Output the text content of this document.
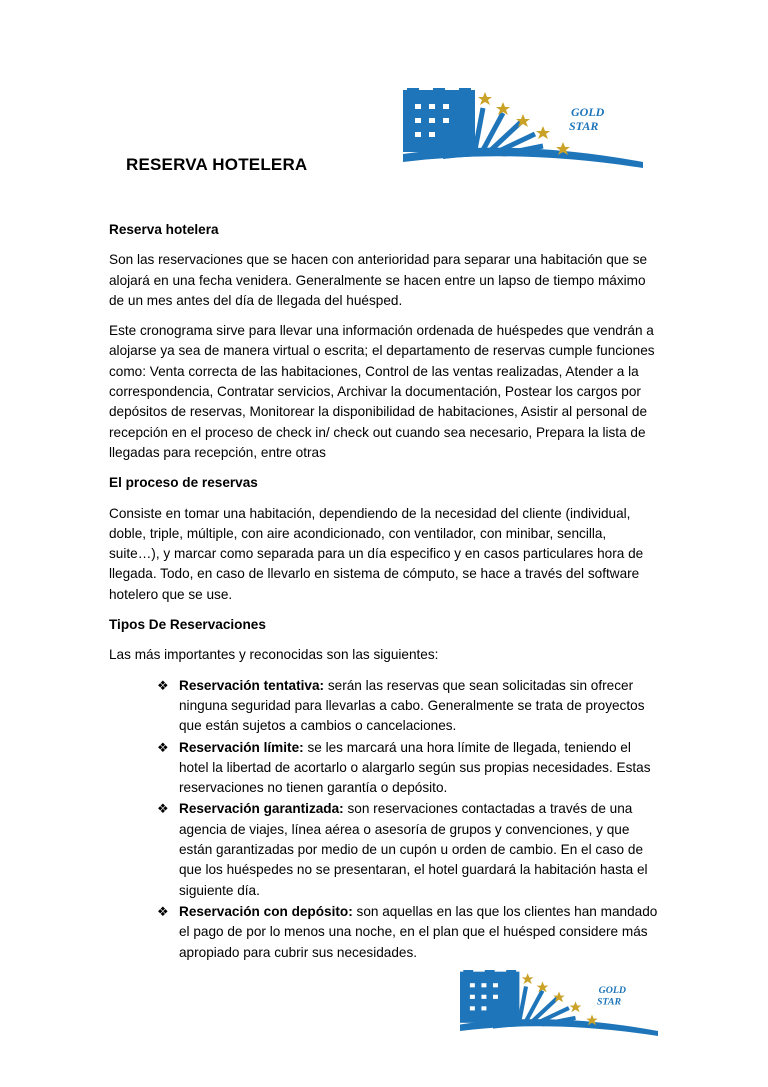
GOLD
STAR
RESERVA HOTELERA

Reserva hotelera

Son las reservaciones que se hacen con anterioridad para separar una habitación que se alojará en una fecha venidera. Generalmente se hacen entre un lapso de tiempo máximo de un mes antes del día de llegada del huésped.

Este cronograma sirve para llevar una información ordenada de huéspedes que vendrán a alojarse ya sea de manera virtual o escrita; el departamento de reservas cumple funciones como: Venta correcta de las habitaciones, Control de las ventas realizadas, Atender a la correspondencia, Contratar servicios, Archivar la documentación, Postear los cargos por depósitos de reservas, Monitorear la disponibilidad de habitaciones, Asistir al personal de recepción en el proceso de check in/ check out cuando sea necesario, Prepara la lista de llegadas para recepción, entre otras

El proceso de reservas

Consiste en tomar una habitación, dependiendo de la necesidad del cliente (individual, doble, triple, múltiple, con aire acondicionado, con ventilador, con minibar, sencilla, suite…), y marcar como separada para un día especifico y en casos particulares hora de llegada. Todo, en caso de llevarlo en sistema de cómputo, se hace a través del software hotelero que se use.

Tipos De Reservaciones

Las más importantes y reconocidas son las siguientes:

❖ Reservación tentativa: serán las reservas que sean solicitadas sin ofrecer ninguna seguridad para llevarlas a cabo. Generalmente se trata de proyectos que están sujetos a cambios o cancelaciones.
❖ Reservación límite: se les marcará una hora límite de llegada, teniendo el hotel la libertad de acortarlo o alargarlo según sus propias necesidades. Estas reservaciones no tienen garantía o depósito.
❖ Reservación garantizada: son reservaciones contactadas a través de una agencia de viajes, línea aérea o asesoría de grupos y convenciones, y que están garantizadas por medio de un cupón u orden de cambio. En el caso de que los huéspedes no se presentaran, el hotel guardará la habitación hasta el siguiente día.
❖ Reservación con depósito: son aquellas en las que los clientes han mandado el pago de por lo menos una noche, en el plan que el huésped considere más apropiado para cubrir sus necesidades.
GOLD
STAR
